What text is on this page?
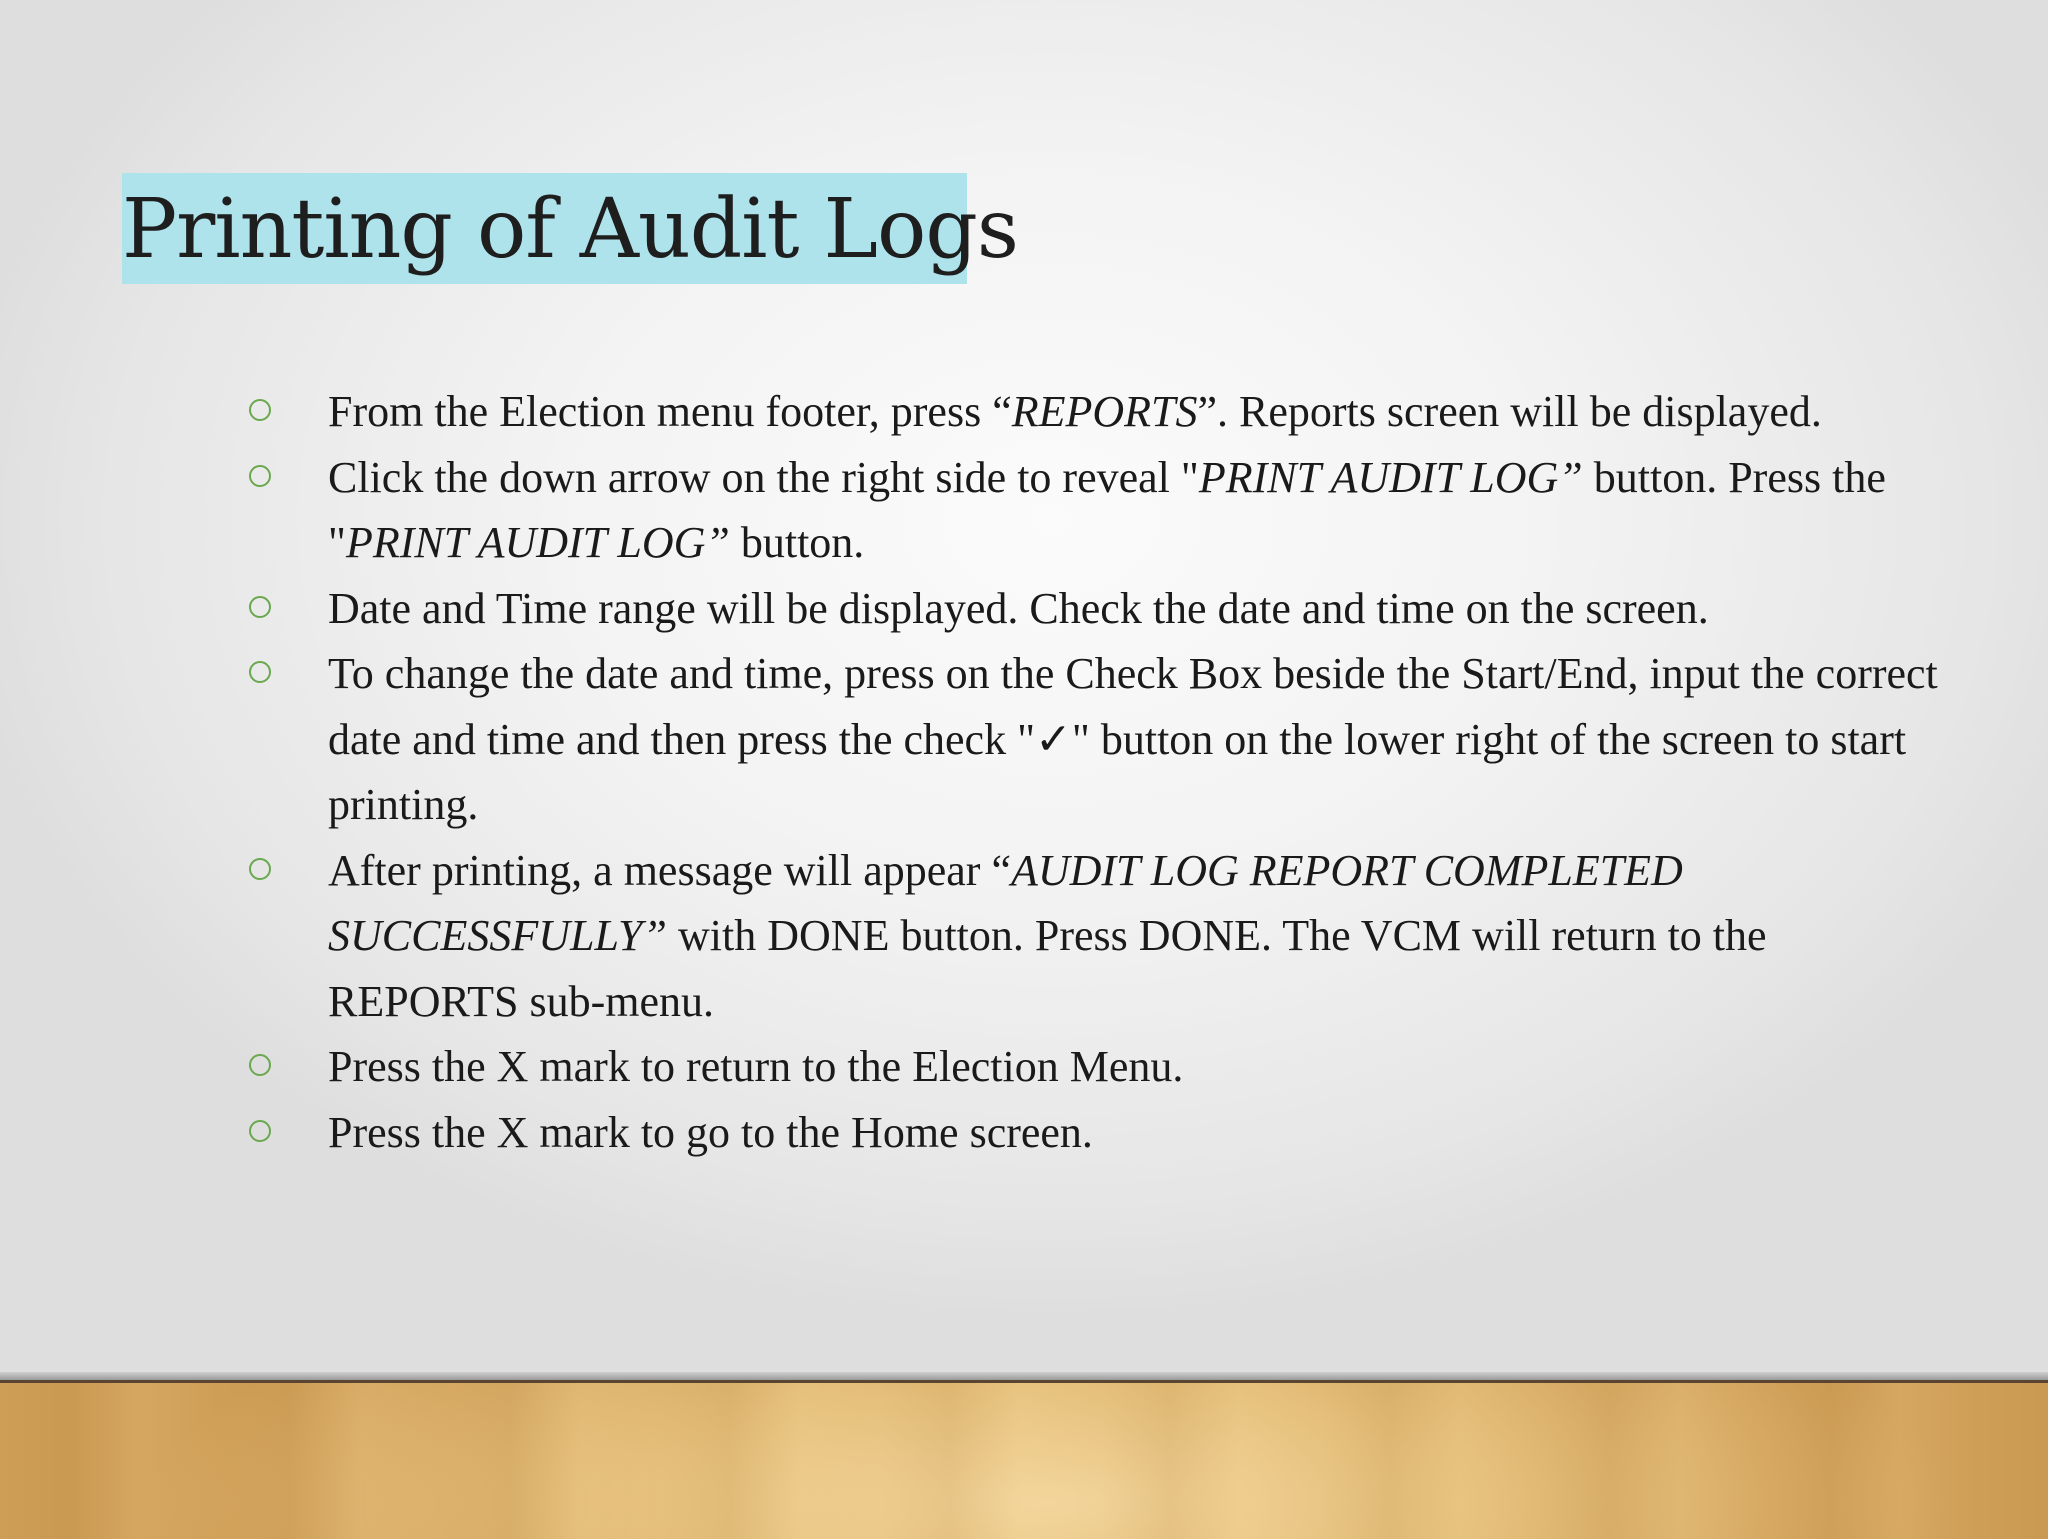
Printing of Audit Logs
From the Election menu footer, press “REPORTS”. Reports screen will be displayed.
Click the down arrow on the right side to reveal "PRINT AUDIT LOG” button. Press the "PRINT AUDIT LOG” button.
Date and Time range will be displayed. Check the date and time on the screen.
To change the date and time, press on the Check Box beside the Start/End, input the correct date and time and then press the check "✓" button on the lower right of the screen to start printing.
After printing, a message will appear “AUDIT LOG REPORT COMPLETED SUCCESSFULLY” with DONE button. Press DONE. The VCM will return to the REPORTS sub-menu.
Press the X mark to return to the Election Menu.
Press the X mark to go to the Home screen.
